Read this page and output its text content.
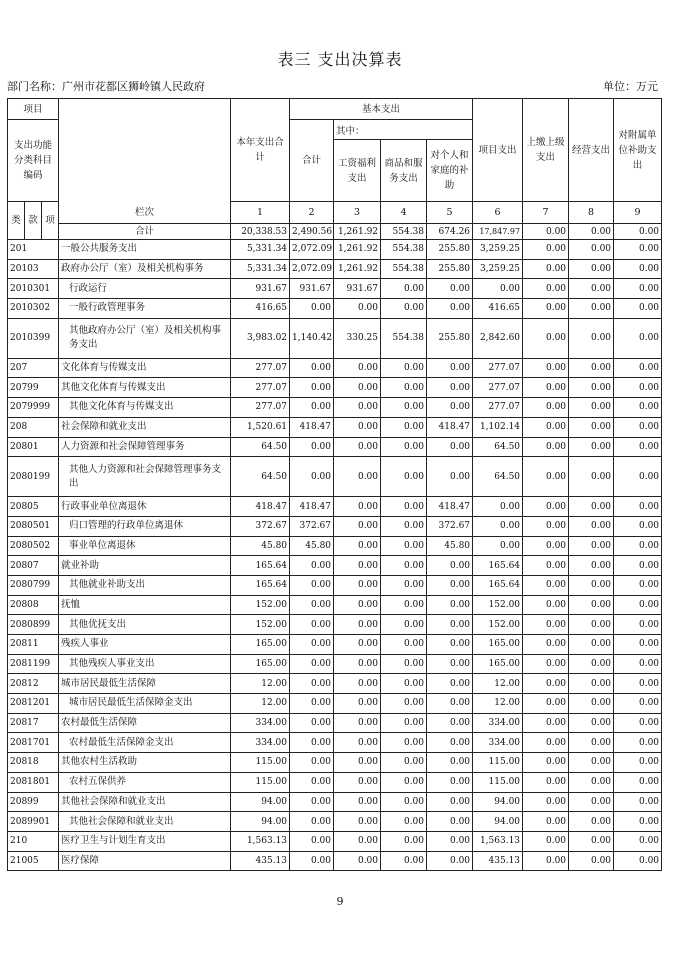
表三 支出决算表
部门名称：广州市花都区狮岭镇人民政府	单位：万元
项目				本年支出合计	基本支出				项目支出	上缴上级支出	经营支出	对附属单位补助支出
支出功能分类科目编码					合计	其中：						
						工资福利支出	商品和服务支出	对个人和家庭的补助				
类	款	项	栏次	1	2	3	4	5	6	7	8	9
			合计	20,338.53	2,490.56	1,261.92	554.38	674.26	17,847.97	0.00	0.00	0.00
201			一般公共服务支出	5,331.34	2,072.09	1,261.92	554.38	255.80	3,259.25	0.00	0.00	0.00
20103			政府办公厅（室）及相关机构事务	5,331.34	2,072.09	1,261.92	554.38	255.80	3,259.25	0.00	0.00	0.00
2010301			行政运行	931.67	931.67	931.67	0.00	0.00	0.00	0.00	0.00	0.00
2010302			一般行政管理事务	416.65	0.00	0.00	0.00	0.00	416.65	0.00	0.00	0.00
2010399			其他政府办公厅（室）及相关机构事务支出	3,983.02	1,140.42	330.25	554.38	255.80	2,842.60	0.00	0.00	0.00
207			文化体育与传媒支出	277.07	0.00	0.00	0.00	0.00	277.07	0.00	0.00	0.00
20799			其他文化体育与传媒支出	277.07	0.00	0.00	0.00	0.00	277.07	0.00	0.00	0.00
2079999			其他文化体育与传媒支出	277.07	0.00	0.00	0.00	0.00	277.07	0.00	0.00	0.00
208			社会保障和就业支出	1,520.61	418.47	0.00	0.00	418.47	1,102.14	0.00	0.00	0.00
20801			人力资源和社会保障管理事务	64.50	0.00	0.00	0.00	0.00	64.50	0.00	0.00	0.00
2080199			其他人力资源和社会保障管理事务支出	64.50	0.00	0.00	0.00	0.00	64.50	0.00	0.00	0.00
20805			行政事业单位离退休	418.47	418.47	0.00	0.00	418.47	0.00	0.00	0.00	0.00
2080501			归口管理的行政单位离退休	372.67	372.67	0.00	0.00	372.67	0.00	0.00	0.00	0.00
2080502			事业单位离退休	45.80	45.80	0.00	0.00	45.80	0.00	0.00	0.00	0.00
20807			就业补助	165.64	0.00	0.00	0.00	0.00	165.64	0.00	0.00	0.00
2080799			其他就业补助支出	165.64	0.00	0.00	0.00	0.00	165.64	0.00	0.00	0.00
20808			抚恤	152.00	0.00	0.00	0.00	0.00	152.00	0.00	0.00	0.00
2080899			其他优抚支出	152.00	0.00	0.00	0.00	0.00	152.00	0.00	0.00	0.00
20811			残疾人事业	165.00	0.00	0.00	0.00	0.00	165.00	0.00	0.00	0.00
2081199			其他残疾人事业支出	165.00	0.00	0.00	0.00	0.00	165.00	0.00	0.00	0.00
20812			城市居民最低生活保障	12.00	0.00	0.00	0.00	0.00	12.00	0.00	0.00	0.00
2081201			城市居民最低生活保障金支出	12.00	0.00	0.00	0.00	0.00	12.00	0.00	0.00	0.00
20817			农村最低生活保障	334.00	0.00	0.00	0.00	0.00	334.00	0.00	0.00	0.00
2081701			农村最低生活保障金支出	334.00	0.00	0.00	0.00	0.00	334.00	0.00	0.00	0.00
20818			其他农村生活救助	115.00	0.00	0.00	0.00	0.00	115.00	0.00	0.00	0.00
2081801			农村五保供养	115.00	0.00	0.00	0.00	0.00	115.00	0.00	0.00	0.00
20899			其他社会保障和就业支出	94.00	0.00	0.00	0.00	0.00	94.00	0.00	0.00	0.00
2089901			其他社会保障和就业支出	94.00	0.00	0.00	0.00	0.00	94.00	0.00	0.00	0.00
210			医疗卫生与计划生育支出	1,563.13	0.00	0.00	0.00	0.00	1,563.13	0.00	0.00	0.00
21005			医疗保障	435.13	0.00	0.00	0.00	0.00	435.13	0.00	0.00	0.00
9
